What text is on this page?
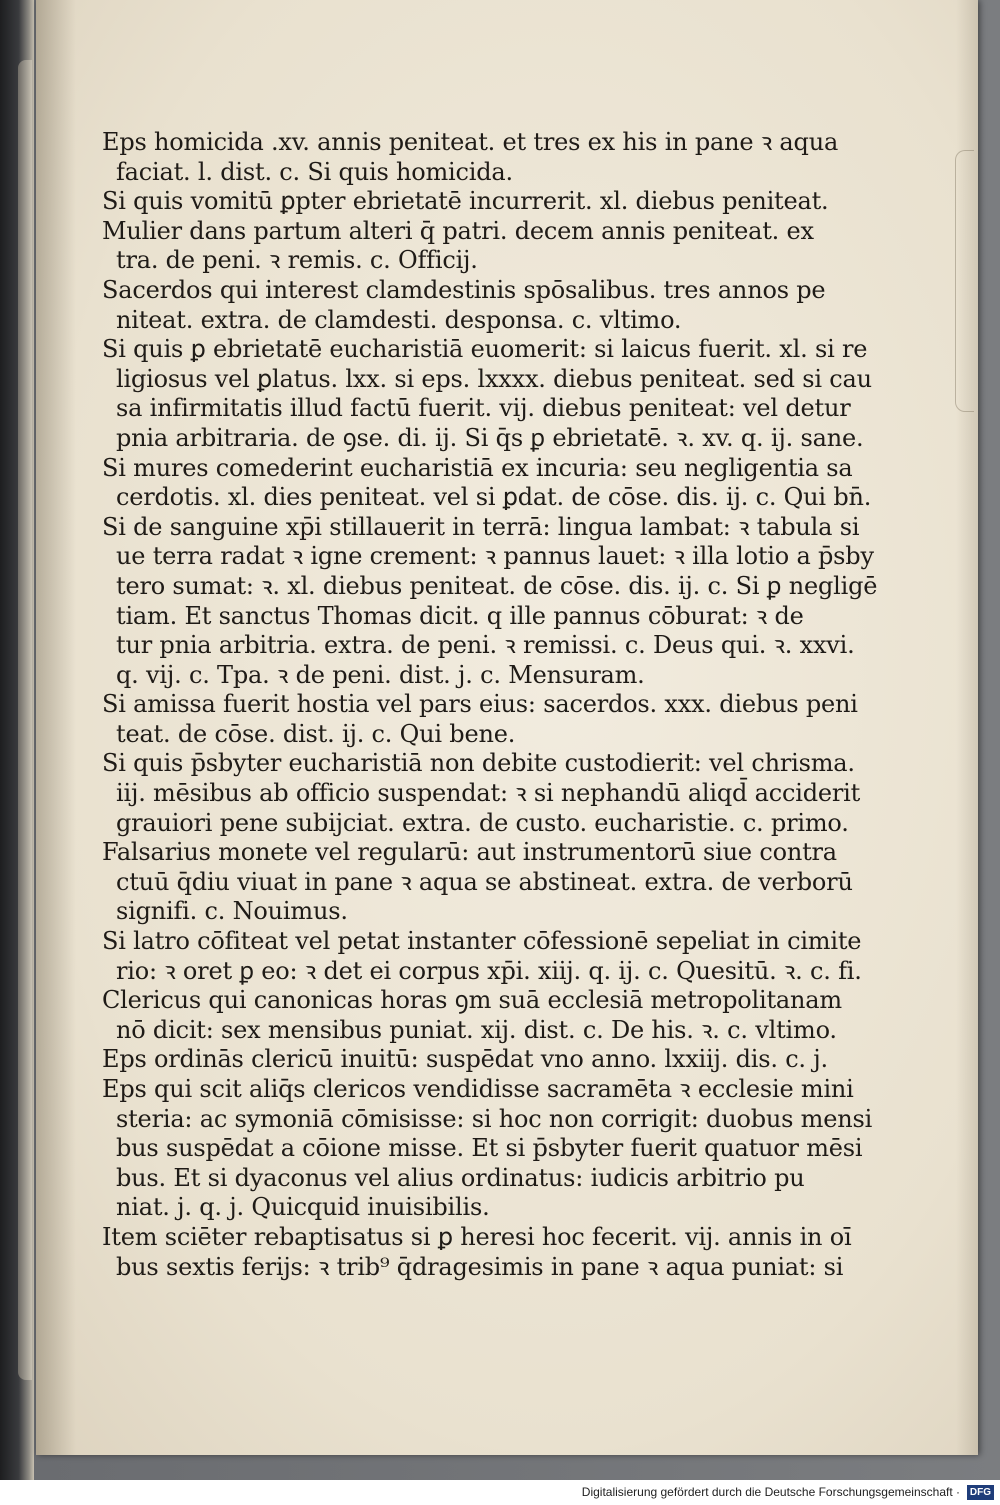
Eps homicida .xv. annis peniteat. et tres ex his in pane ꝛ aqua
faciat. l. dist. c. Si quis homicida.
Si quis vomitū ꝑpter ebrietatē incurrerit. xl. diebus peniteat.
Mulier dans partum alteri q̄ patri. decem annis peniteat. ex
tra. de peni. ꝛ remis. c. Officij.
Sacerdos qui interest clamdestinis spōsalibus. tres annos pe
niteat. extra. de clamdesti. desponsa. c. vltimo.
Si quis ꝑ ebrietatē eucharistiā euomerit: si laicus fuerit. xl. si re
ligiosus vel ꝑlatus. lxx. si eps. lxxxx. diebus peniteat. sed si cau
sa infirmitatis illud factū fuerit. vij. diebus peniteat: vel detur
pnia arbitraria. de ꝯse. di. ij. Si q̄s ꝑ ebrietatē. ꝛ. xv. q. ij. sane.
Si mures comederint eucharistiā ex incuria: seu negligentia sa
cerdotis. xl. dies peniteat. vel si ꝑdat. de cōse. dis. ij. c. Qui bn̄.
Si de sanguine xp̄i stillauerit in terrā: lingua lambat: ꝛ tabula si
ue terra radat ꝛ igne crement: ꝛ pannus lauet: ꝛ illa lotio a p̄sby
tero sumat: ꝛ. xl. diebus peniteat. de cōse. dis. ij. c. Si ꝑ negligē
tiam. Et sanctus Thomas dicit. q ille pannus cōburat: ꝛ de
tur pnia arbitria. extra. de peni. ꝛ remissi. c. Deus qui. ꝛ. xxvi.
q. vij. c. Tpa. ꝛ de peni. dist. j. c. Mensuram.
Si amissa fuerit hostia vel pars eius: sacerdos. xxx. diebus peni
teat. de cōse. dist. ij. c. Qui bene.
Si quis p̄sbyter eucharistiā non debite custodierit: vel chrisma.
iij. mēsibus ab officio suspendat: ꝛ si nephandū aliqd̄ acciderit
grauiori pene subijciat. extra. de custo. eucharistie. c. primo.
Falsarius monete vel regularū: aut instrumentorū siue contra
ctuū q̄diu viuat in pane ꝛ aqua se abstineat. extra. de verborū
signifi. c. Nouimus.
Si latro cōfiteat vel petat instanter cōfessionē sepeliat in cimite
rio: ꝛ oret ꝑ eo: ꝛ det ei corpus xp̄i. xiij. q. ij. c. Quesitū. ꝛ. c. fi.
Clericus qui canonicas horas ꝯm suā ecclesiā metropolitanam
nō dicit: sex mensibus puniat. xij. dist. c. De his. ꝛ. c. vltimo.
Eps ordinās clericū inuitū: suspēdat vno anno. lxxiij. dis. c. j.
Eps qui scit aliq̄s clericos vendidisse sacramēta ꝛ ecclesie mini
steria: ac symoniā cōmisisse: si hoc non corrigit: duobus mensi
bus suspēdat a cōione misse. Et si p̄sbyter fuerit quatuor mēsi
bus. Et si dyaconus vel alius ordinatus: iudicis arbitrio pu
niat. j. q. j. Quicquid inuisibilis.
Item sciēter rebaptisatus si ꝑ heresi hoc fecerit. vij. annis in oī
bus sextis ferijs: ꝛ trib⁹ q̄dragesimis in pane ꝛ aqua puniat: si
Digitalisierung gefördert durch die Deutsche Forschungsgemeinschaft · DFG
